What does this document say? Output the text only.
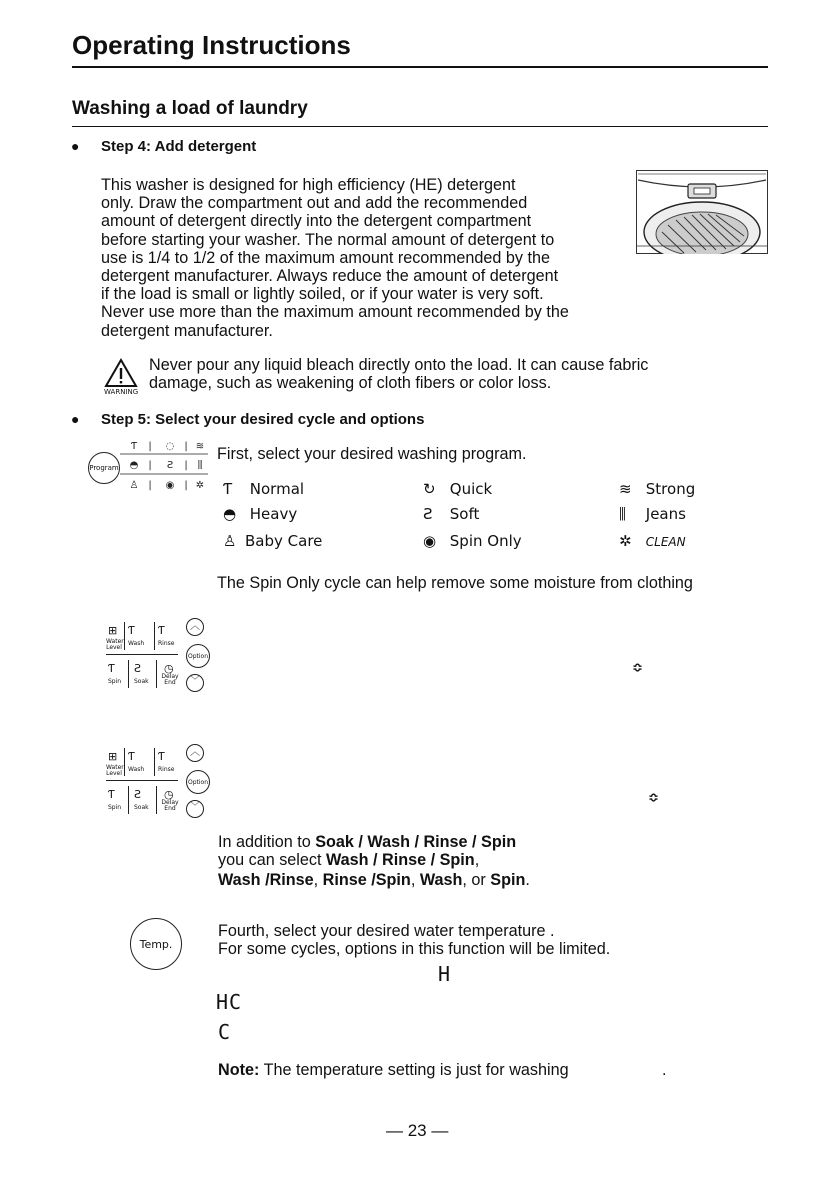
Operating Instructions
Washing a load of laundry
● Step 4: Add detergent
This washer is designed for high efficiency (HE) detergent
only. Draw the compartment out and add the recommended
amount of detergent directly into the detergent compartment
before starting your washer. The normal amount of detergent to
use is 1/4 to 1/2 of the maximum amount recommended by the
detergent manufacturer. Always reduce the amount of detergent
if the load is small or lightly soiled, or if your water is very soft.
Never use more than the maximum amount recommended by the
detergent manufacturer.
WARNING
Never pour any liquid bleach directly onto the load. It can cause fabric
damage, such as weakening of cloth fibers or color loss.
● Step 5: Select your desired cycle and options
Program
Ƭ | ◌ | ≋
◓ | Ƨ | ⫼
♙ | ◉ | ✲
First, select your desired washing program.
Ƭ Normal	↻ Quick	≋ Strong
◓ Heavy	Ƨ Soft	⫼ Jeans
♙ Baby Care	◉ Spin Only	✲ CLEAN
The Spin Only cycle can help remove some moisture from clothing
⊞ Ƭ Ƭ
Water Level
Wash Rinse
Ƭ Ƨ ◷
Spin Soak
Delay End
︿
Option
﹀
≎
⊞ Ƭ Ƭ
Water Level
Wash Rinse
Ƭ Ƨ ◷
Spin Soak
Delay End
︿
Option
﹀
≎
In addition to Soak / Wash / Rinse / Spin
you can select Wash / Rinse / Spin,
Wash /Rinse, Rinse /Spin, Wash, or Spin.
Temp.
Fourth, select your desired water temperature .
For some cycles, options in this function will be limited.
H
HC
C
Note: The temperature setting is just for washing	.
— 23 —
